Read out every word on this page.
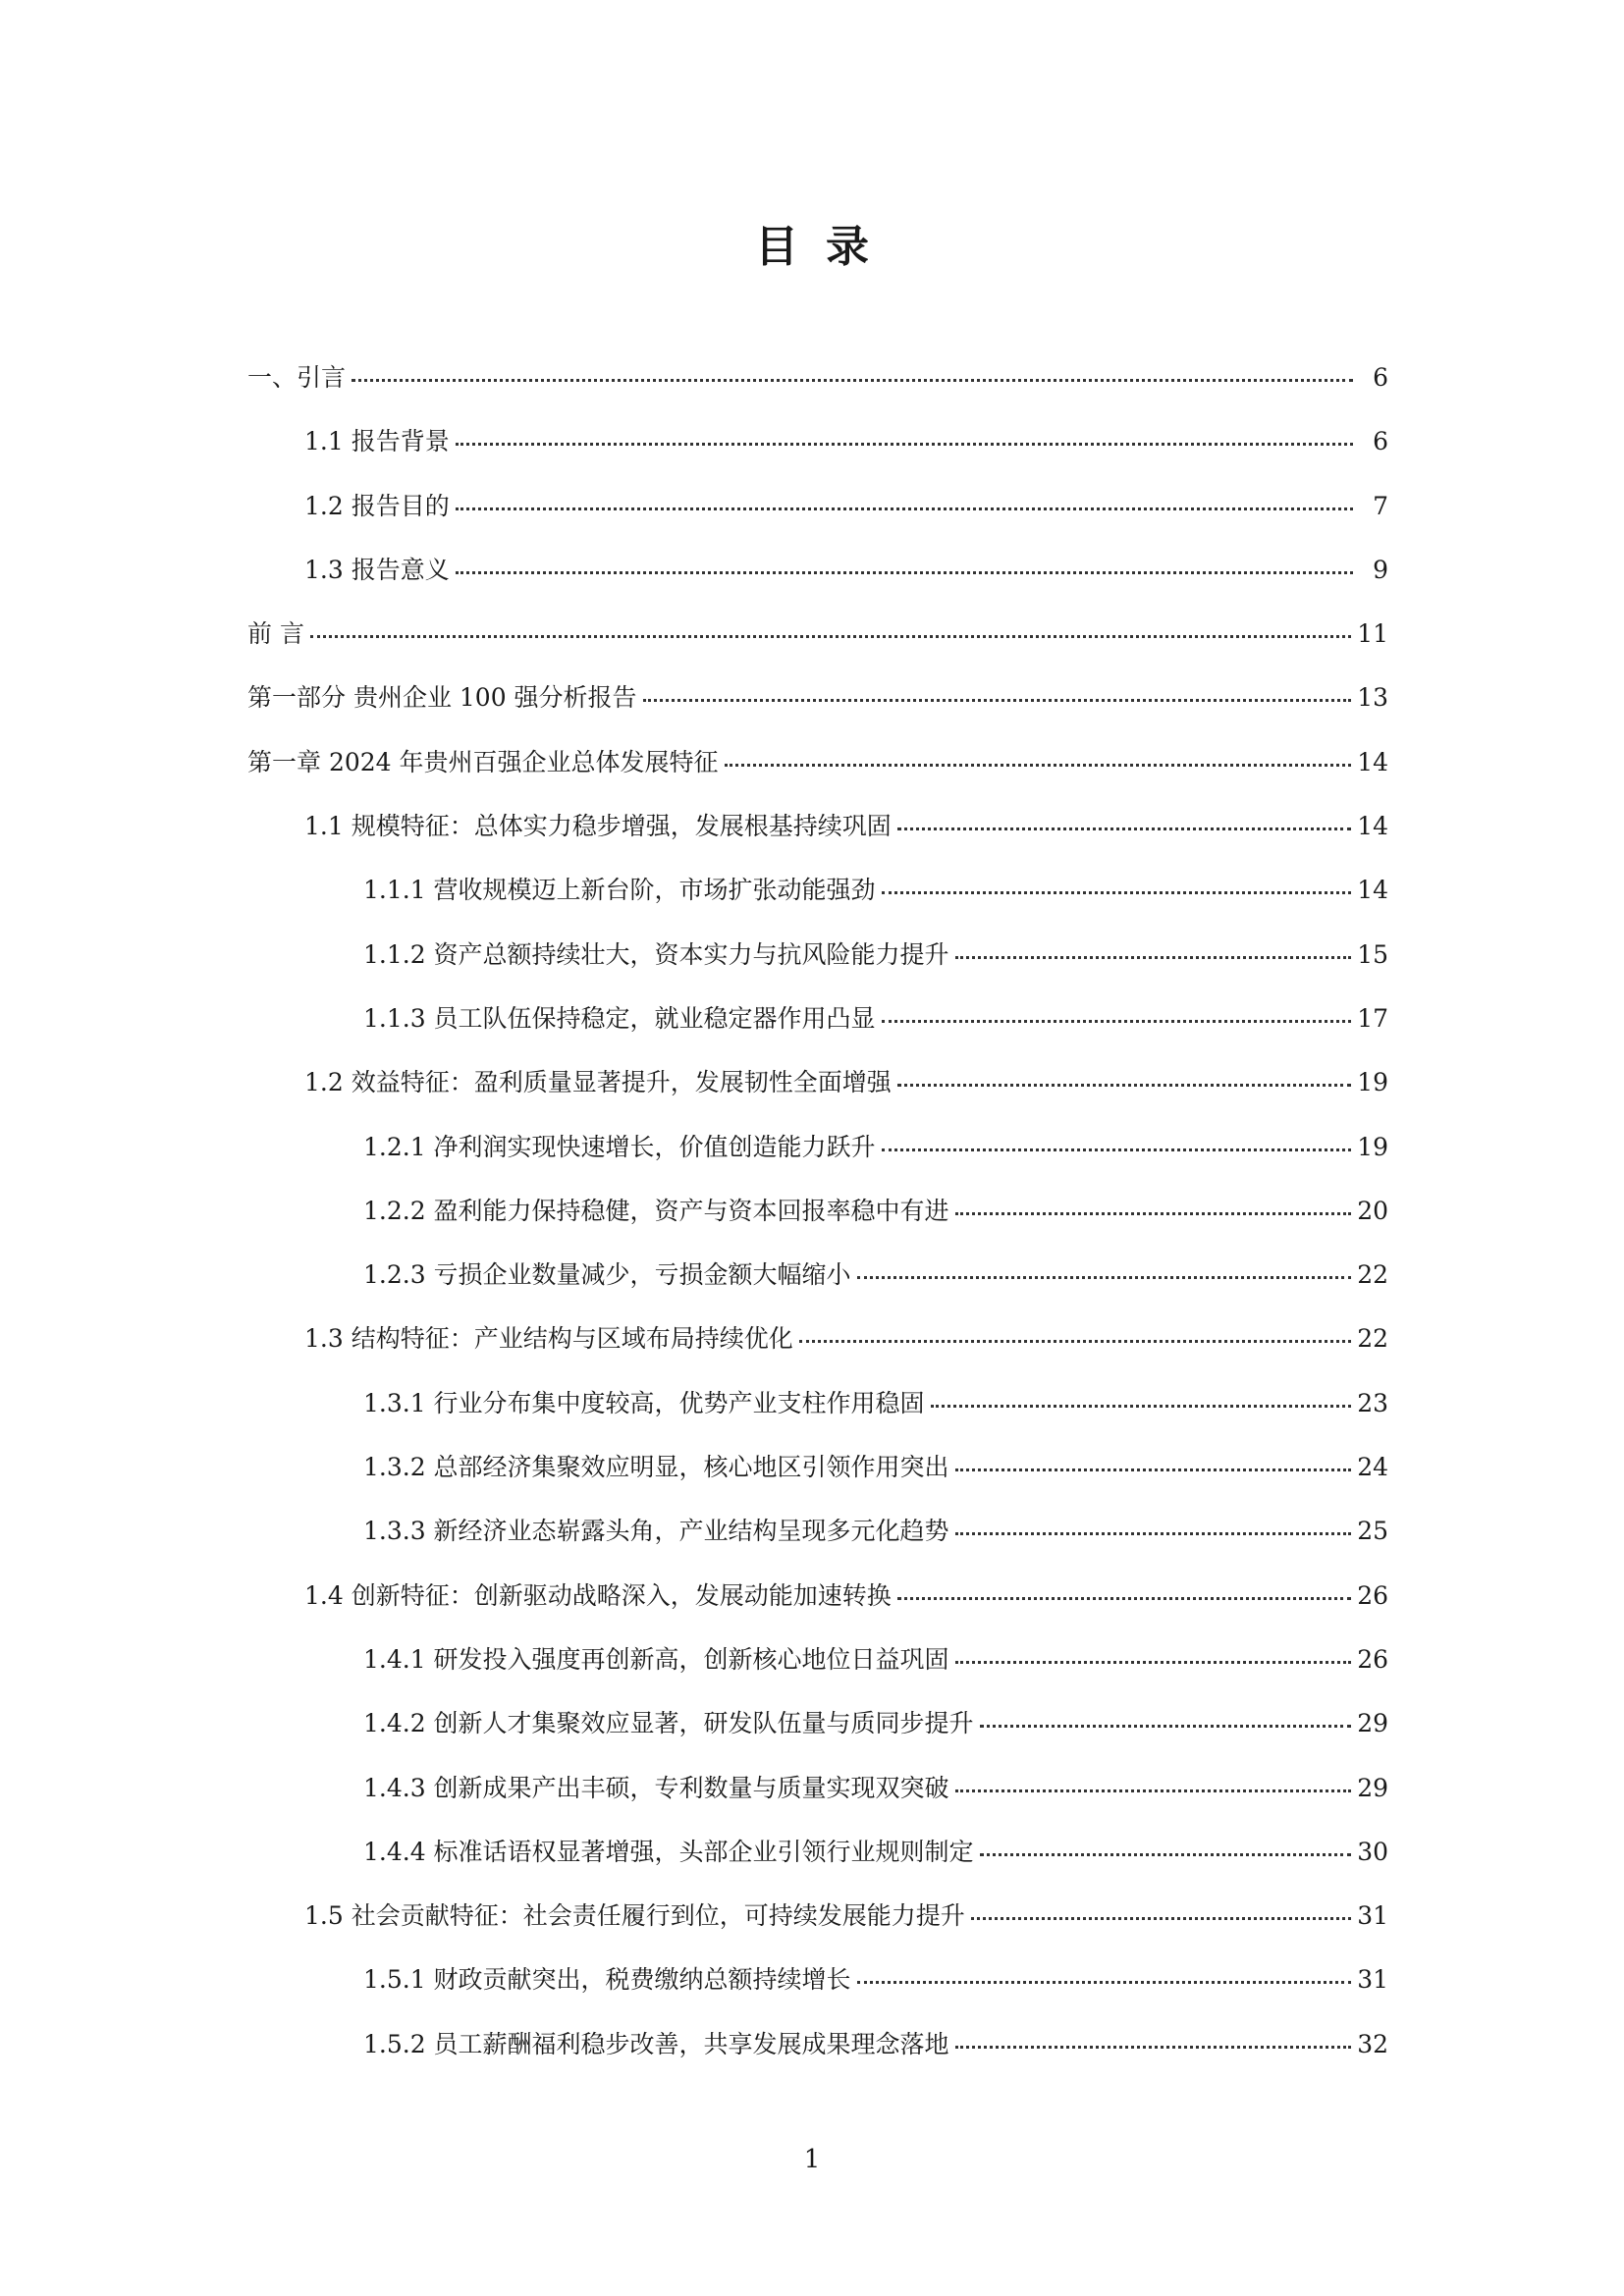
目录
一、引言	6
1.1 报告背景	6
1.2 报告目的	7
1.3 报告意义	9
前 言	11
第一部分 贵州企业 100 强分析报告	13
第一章 2024 年贵州百强企业总体发展特征	14
1.1 规模特征：总体实力稳步增强，发展根基持续巩固	14
1.1.1 营收规模迈上新台阶，市场扩张动能强劲	14
1.1.2 资产总额持续壮大，资本实力与抗风险能力提升	15
1.1.3 员工队伍保持稳定，就业稳定器作用凸显	17
1.2 效益特征：盈利质量显著提升，发展韧性全面增强	19
1.2.1 净利润实现快速增长，价值创造能力跃升	19
1.2.2 盈利能力保持稳健，资产与资本回报率稳中有进	20
1.2.3 亏损企业数量减少，亏损金额大幅缩小	22
1.3 结构特征：产业结构与区域布局持续优化	22
1.3.1 行业分布集中度较高，优势产业支柱作用稳固	23
1.3.2 总部经济集聚效应明显，核心地区引领作用突出	24
1.3.3 新经济业态崭露头角，产业结构呈现多元化趋势	25
1.4 创新特征：创新驱动战略深入，发展动能加速转换	26
1.4.1 研发投入强度再创新高，创新核心地位日益巩固	26
1.4.2 创新人才集聚效应显著，研发队伍量与质同步提升	29
1.4.3 创新成果产出丰硕，专利数量与质量实现双突破	29
1.4.4 标准话语权显著增强，头部企业引领行业规则制定	30
1.5 社会贡献特征：社会责任履行到位，可持续发展能力提升	31
1.5.1 财政贡献突出，税费缴纳总额持续增长	31
1.5.2 员工薪酬福利稳步改善，共享发展成果理念落地	32
1
